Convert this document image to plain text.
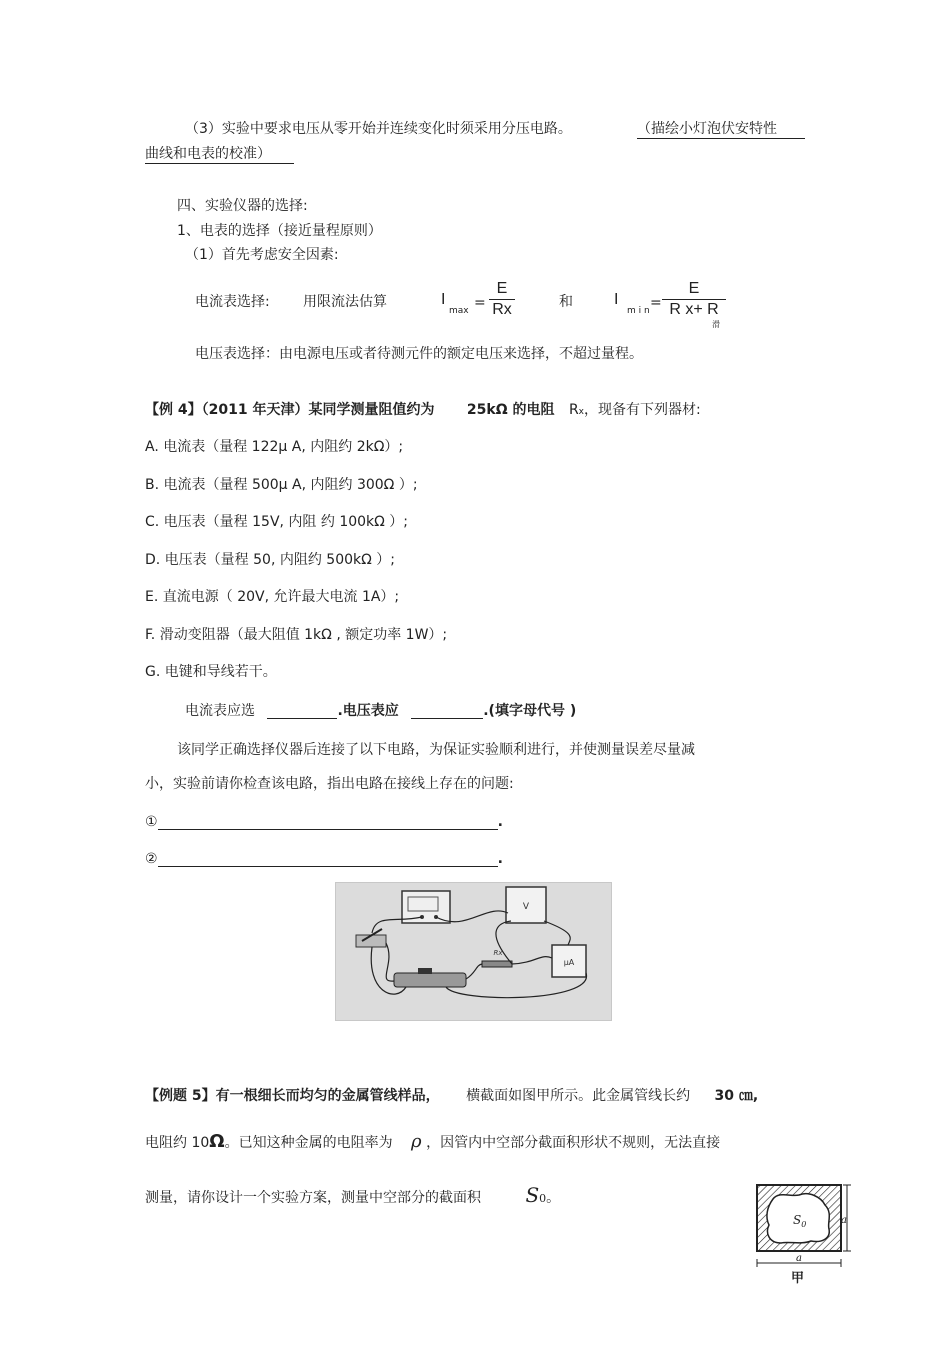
（3）实验中要求电压从零开始并连续变化时须采用分压电路。	（描绘小灯泡伏安特性
曲线和电表的校准）
四、实验仪器的选择:
1、电表的选择（接近量程原则）
（1）首先考虑安全因素:
电流表选择: 用限流法估算	I
max =
E
Rx	和	I
m i n =
E
R x+ R
滑
电压表选择：由电源电压或者待测元件的额定电压来选择，不超过量程。
【例 4】（2011 年天津）某同学测量阻值约为 25kΩ 的电阻 Rx，现备有下列器材:
A. 电流表（量程 122μ A, 内阻约 2kΩ）;
B. 电流表（量程 500μ A, 内阻约 300Ω ）;
C. 电压表（量程 15V, 内阻 约 100kΩ ）;
D. 电压表（量程 50, 内阻约 500kΩ ）;
E. 直流电源（ 20V, 允许最大电流 1A）;
F. 滑动变阻器（最大阻值 1kΩ , 额定功率 1W）;
G. 电键和导线若干。
电流表应选	.电压表应	.(填字母代号 )
该同学正确选择仪器后连接了以下电路，为保证实验顺利进行，并使测量误差尽量减
小，实验前请你检查该电路，指出电路在接线上存在的问题:
①	.
②	.
V
μA
Rx
【例题 5】有一根细长而均匀的金属管线样品， 横截面如图甲所示。此金属管线长约 30 ㎝,
电阻约 10Ω。已知这种金属的电阻率为 ρ ，因管内中空部分截面积形状不规则，无法直接
测量，请你设计一个实验方案，测量中空部分的截面积 S0。
$S_0$	a
a
甲
